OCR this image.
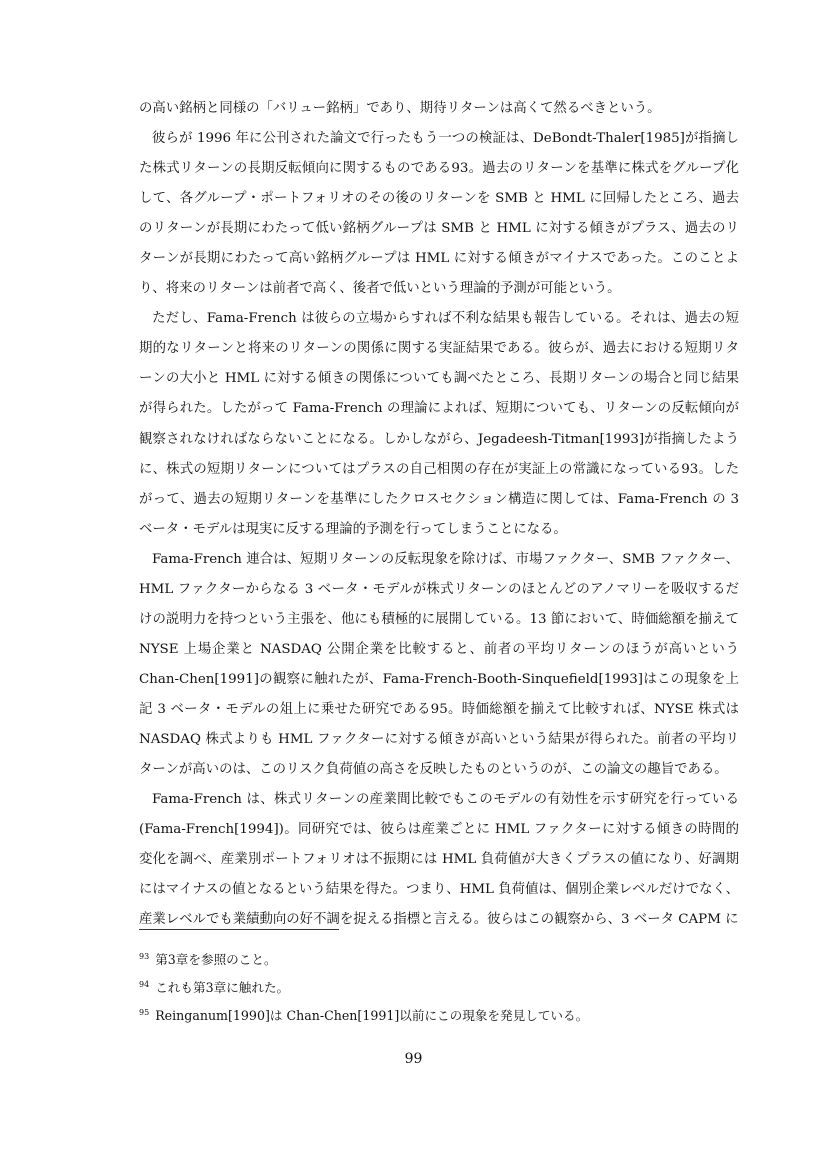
の高い銘柄と同様の「バリュー銘柄」であり、期待リターンは高くて然るべきという。

彼らが 1996 年に公刊された論文で行ったもう一つの検証は、DeBondt-Thaler[1985]が指摘した株式リターンの長期反転傾向に関するものである93。過去のリターンを基準に株式をグループ化して、各グループ・ポートフォリオのその後のリターンを SMB と HML に回帰したところ、過去のリターンが長期にわたって低い銘柄グループは SMB と HML に対する傾きがプラス、過去のリターンが長期にわたって高い銘柄グループは HML に対する傾きがマイナスであった。このことより、将来のリターンは前者で高く、後者で低いという理論的予測が可能という。

ただし、Fama-French は彼らの立場からすれば不利な結果も報告している。それは、過去の短期的なリターンと将来のリターンの関係に関する実証結果である。彼らが、過去における短期リターンの大小と HML に対する傾きの関係についても調べたところ、長期リターンの場合と同じ結果が得られた。したがって Fama-French の理論によれば、短期についても、リターンの反転傾向が観察されなければならないことになる。しかしながら、Jegadeesh-Titman[1993]が指摘したように、株式の短期リターンについてはプラスの自己相関の存在が実証上の常識になっている93。したがって、過去の短期リターンを基準にしたクロスセクション構造に関しては、Fama-French の 3 ベータ・モデルは現実に反する理論的予測を行ってしまうことになる。

Fama-French 連合は、短期リターンの反転現象を除けば、市場ファクター、SMB ファクター、HML ファクターからなる 3 ベータ・モデルが株式リターンのほとんどのアノマリーを吸収するだけの説明力を持つという主張を、他にも積極的に展開している。13 節において、時価総額を揃えて NYSE 上場企業と NASDAQ 公開企業を比較すると、前者の平均リターンのほうが高いという Chan-Chen[1991]の観察に触れたが、Fama-French-Booth-Sinquefield[1993]はこの現象を上記 3 ベータ・モデルの俎上に乗せた研究である95。時価総額を揃えて比較すれば、NYSE 株式は NASDAQ 株式よりも HML ファクターに対する傾きが高いという結果が得られた。前者の平均リターンが高いのは、このリスク負荷値の高さを反映したものというのが、この論文の趣旨である。

Fama-French は、株式リターンの産業間比較でもこのモデルの有効性を示す研究を行っている(Fama-French[1994])。同研究では、彼らは産業ごとに HML ファクターに対する傾きの時間的変化を調べ、産業別ポートフォリオは不振期には HML 負荷値が大きくプラスの値になり、好調期にはマイナスの値となるという結果を得た。つまり、HML 負荷値は、個別企業レベルだけでなく、産業レベルでも業績動向の好不調を捉える指標と言える。彼らはこの観察から、3 ベータ CAPM に

$^{93}$ 第3章を参照のこと。

$^{94}$ これも第3章に触れた。

$^{95}$ Reinganum[1990]は Chan-Chen[1991]以前にこの現象を発見している。

99
